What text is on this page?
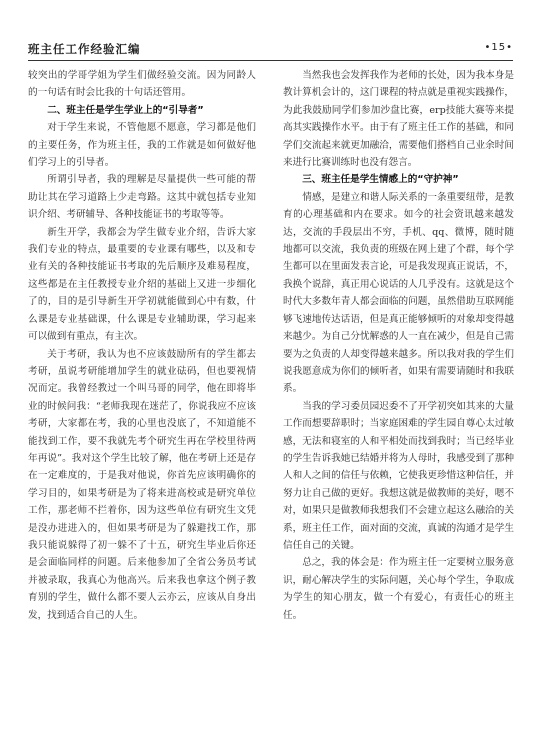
班主任工作经验汇编	•15•

较突出的学哥学姐为学生们做经验交流。因为同龄人的一句话有时会比我的十句话还管用。

二、班主任是学生学业上的“引导者”

对于学生来说，不管他愿不愿意，学习都是他们的主要任务，作为班主任，我的工作就是如何做好他们学习上的引导者。

所谓引导者，我的理解是尽量提供一些可能的帮助让其在学习道路上少走弯路。这其中就包括专业知识介绍、考研辅导、各种技能证书的考取等等。

新生开学，我都会为学生做专业介绍，告诉大家我们专业的特点，最重要的专业课有哪些，以及和专业有关的各种技能证书考取的先后顺序及难易程度，这些都是在主任教授专业介绍的基础上又进一步细化了的，目的是引导新生开学初就能做到心中有数，什么课是专业基础课，什么课是专业辅助课，学习起来可以做到有重点，有主次。

关于考研，我认为也不应该鼓励所有的学生都去考研，虽说考研能增加学生的就业砝码，但也要视情况而定。我曾经教过一个叫马哥的同学，他在即将毕业的时候问我：“老师我现在迷茫了，你说我应不应该考研，大家都在考，我的心里也没底了，不知道能不能找到工作，要不我就先考个研究生再在学校里待两年再说”。我对这个学生比较了解，他在考研上还是存在一定难度的，于是我对他说，你首先应该明确你的学习目的，如果考研是为了将来进高校或是研究单位工作，那老师不拦着你，因为这些单位有研究生文凭是没办进进入的，但如果考研是为了躲避找工作，那我只能说躲得了初一躲不了十五，研究生毕业后你还是会面临同样的问题。后来他参加了全省公务员考试并被录取，我真心为他高兴。后来我也拿这个例子教育别的学生，做什么都不要人云亦云，应该从自身出发，找到适合自己的人生。

当然我也会发挥我作为老师的长处，因为我本身是教计算机会计的，这门课程的特点就是重视实践操作，为此我鼓励同学们参加沙盘比赛，erp技能大赛等来提高其实践操作水平。由于有了班主任工作的基础，和同学们交流起来就更加融洽，需要他们搭档自己业余时间来进行比赛训练时也没有怨言。

三、班主任是学生情感上的“守护神”

情感，是建立和谐人际关系的一条重要纽带，是教育的心理基础和内在要求。如今的社会资讯越来越发达，交流的手段层出不穷，手机、qq、微博，随时随地都可以交流，我负责的班级在网上建了个群，每个学生都可以在里面发表言论，可是我发现真正说话，不，我换个说辞，真正用心说话的人几乎没有。这就是这个时代大多数年青人都会面临的问题，虽然借助互联网能够飞速地传达话语，但是真正能够倾听的对象却变得越来越少。为自己分忧解惑的人一直在减少，但是自己需要为之负责的人却变得越来越多。所以我对我的学生们说我愿意成为你们的倾听者，如果有需要请随时和我联系。

当我的学习委员园迟委不了开学初突如其来的大量工作而想要辞职时；当家庭困难的学生园自尊心太过敏感，无法和寝室的人和平相处而找到我时；当已经毕业的学生告诉我她已结婚并将为人母时，我感受到了那种人和人之间的信任与依赖，它使我更珍惜这种信任，并努力让自己做的更好。我想这就是做教师的美好，嗯不对，如果只是做教师我想我们不会建立起这么融洽的关系，班主任工作，面对面的交流，真诚的沟通才是学生信任自己的关键。

总之，我的体会是：作为班主任一定要树立服务意识，耐心解决学生的实际问题，关心每个学生，争取成为学生的知心朋友，做一个有爱心，有责任心的班主任。
